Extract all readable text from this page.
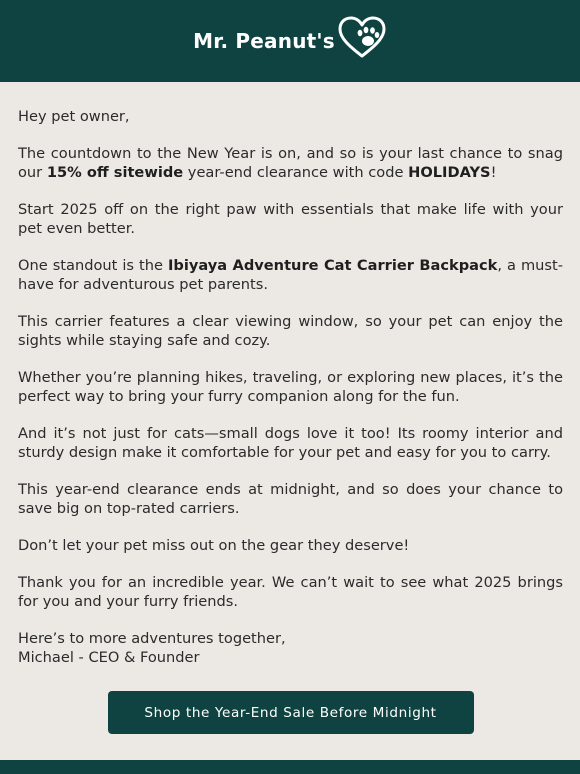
Mr. Peanut's

Hey pet owner,

The countdown to the New Year is on, and so is your last chance to snag our 15% off sitewide year-end clearance with code HOLIDAYS!

Start 2025 off on the right paw with essentials that make life with your pet even better.

One standout is the Ibiyaya Adventure Cat Carrier Backpack, a must-have for adventurous pet parents.

This carrier features a clear viewing window, so your pet can enjoy the sights while staying safe and cozy.

Whether you’re planning hikes, traveling, or exploring new places, it’s the perfect way to bring your furry companion along for the fun.

And it’s not just for cats—small dogs love it too! Its roomy interior and sturdy design make it comfortable for your pet and easy for you to carry.

This year-end clearance ends at midnight, and so does your chance to save big on top-rated carriers.

Don’t let your pet miss out on the gear they deserve!

Thank you for an incredible year. We can’t wait to see what 2025 brings for you and your furry friends.

Here’s to more adventures together,
Michael - CEO & Founder

Shop the Year-End Sale Before Midnight
